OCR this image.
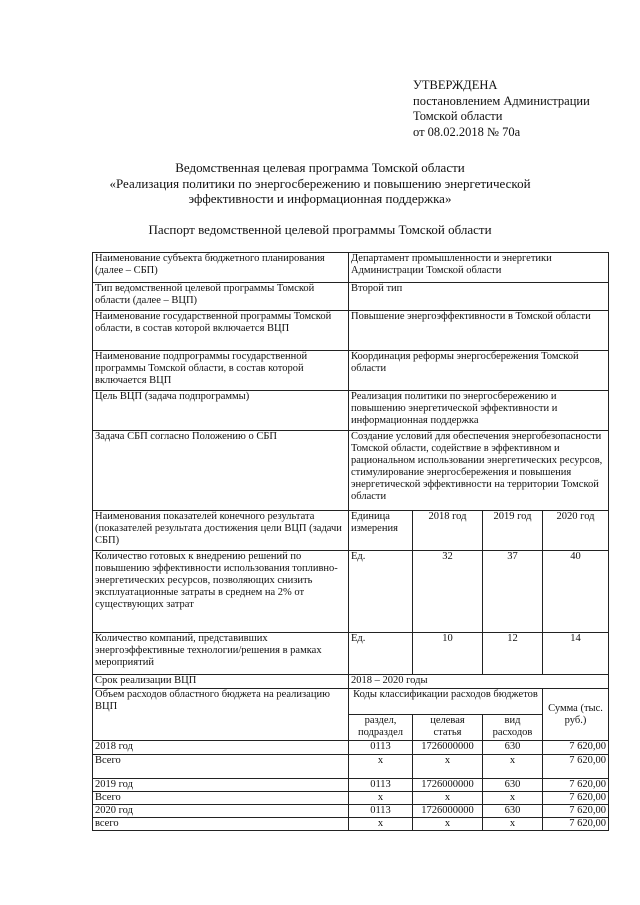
УТВЕРЖДЕНА
постановлением Администрации
Томской области
от 08.02.2018 № 70а
Ведомственная целевая программа Томской области
«Реализация политики по энергосбережению и повышению энергетической
эффективности и информационная поддержка»
Паспорт ведомственной целевой программы Томской области
Наименование субъекта бюджетного планирования (далее – СБП)	Департамент промышленности и энергетики Администрации Томской области			
Тип ведомственной целевой программы Томской области (далее – ВЦП)	Второй тип			
Наименование государственной программы Томской области, в состав которой включается ВЦП	Повышение энергоэффективности в Томской области			
Наименование подпрограммы государственной программы Томской области, в состав которой включается ВЦП	Координация реформы энергосбережения Томской области			
Цель ВЦП (задача подпрограммы)	Реализация политики по энергосбережению и повышению энергетической эффективности и информационная поддержка			
Задача СБП согласно Положению о СБП	Создание условий для обеспечения энергобезопасности Томской области, содействие в эффективном и рациональном использовании энергетических ресурсов, стимулирование энергосбережения и повышения энергетической эффективности на территории Томской области			
Наименования показателей конечного результата (показателей результата достижения цели ВЦП (задачи СБП)	Единица измерения	2018 год	2019 год	2020 год
Количество готовых к внедрению решений по повышению эффективности использования топливно-энергетических ресурсов, позволяющих снизить эксплуатационные затраты в среднем на 2% от существующих затрат	Ед.	32	37	40
Количество компаний, представивших энергоэффективные технологии/решения в рамках мероприятий	Ед.	10	12	14
Срок реализации ВЦП	2018 – 2020 годы			
Объем расходов областного бюджета на реализацию ВЦП	Коды классификации расходов бюджетов			Сумма (тыс. руб.)
	раздел, подраздел	целевая статья	вид расходов	
2018 год	0113	1726000000	630	7 620,00
Всего	х	х	х	7 620,00
2019 год	0113	1726000000	630	7 620,00
Всего	х	х	х	7 620,00
2020 год	0113	1726000000	630	7 620,00
всего	х	х	х	7 620,00
